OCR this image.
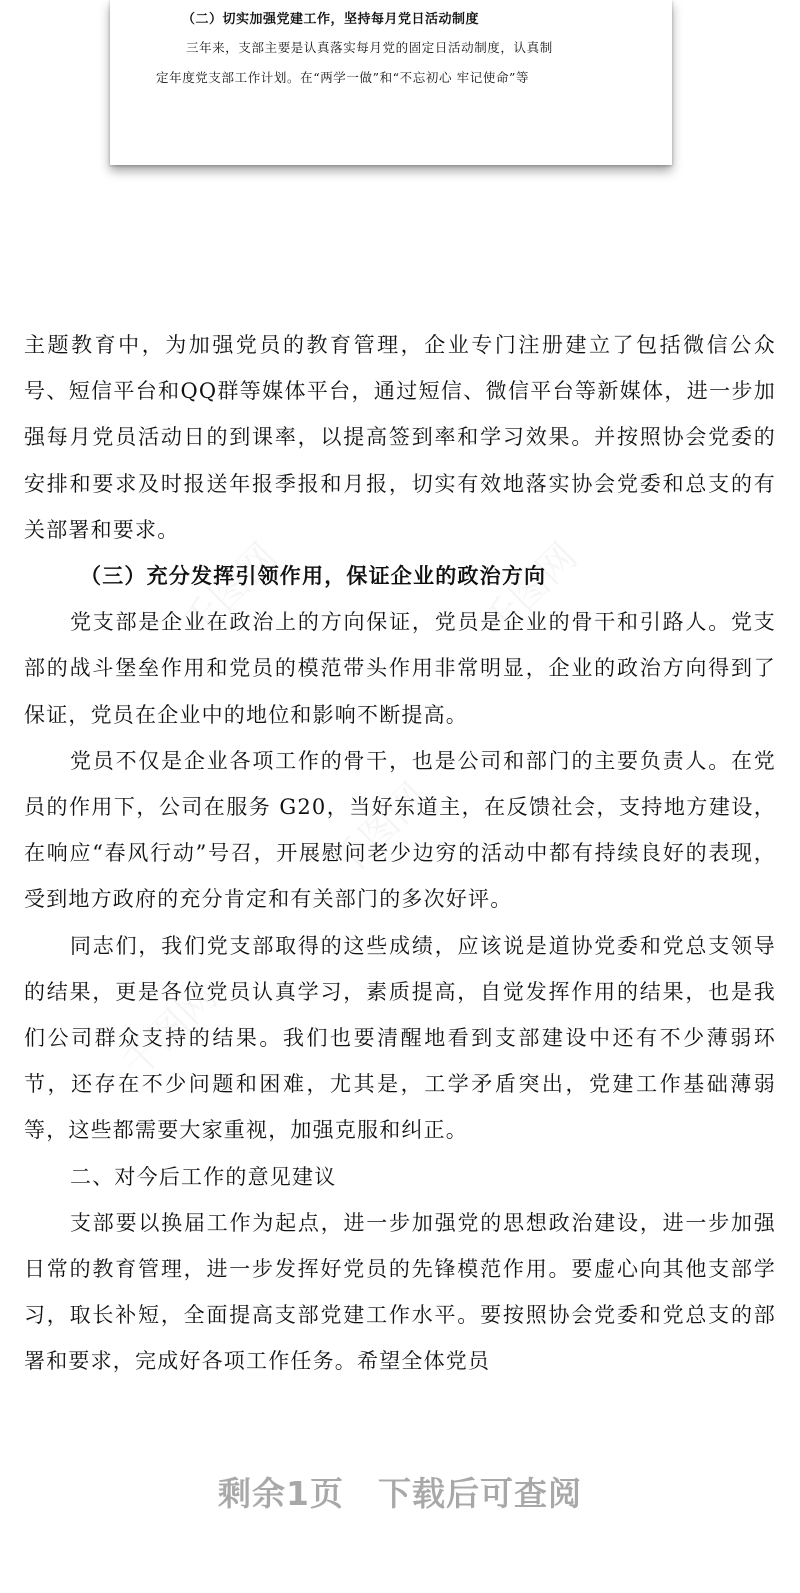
（二）切实加强党建工作，坚持每月党日活动制度
三年来，支部主要是认真落实每月党的固定日活动制度，认真制
定年度党支部工作计划。在“两学一做”和“不忘初心 牢记使命”等
千图网	千图网
千图网
千图网

主题教育中，为加强党员的教育管理，企业专门注册建立了包括微信公众号、短信平台和QQ群等媒体平台，通过短信、微信平台等新媒体，进一步加强每月党员活动日的到课率，以提高签到率和学习效果。并按照协会党委的安排和要求及时报送年报季报和月报，切实有效地落实协会党委和总支的有关部署和要求。

（三）充分发挥引领作用，保证企业的政治方向

党支部是企业在政治上的方向保证，党员是企业的骨干和引路人。党支部的战斗堡垒作用和党员的模范带头作用非常明显，企业的政治方向得到了保证，党员在企业中的地位和影响不断提高。

党员不仅是企业各项工作的骨干，也是公司和部门的主要负责人。在党员的作用下，公司在服务 G20，当好东道主，在反馈社会，支持地方建设，在响应“春风行动”号召，开展慰问老少边穷的活动中都有持续良好的表现，受到地方政府的充分肯定和有关部门的多次好评。

同志们，我们党支部取得的这些成绩，应该说是道协党委和党总支领导的结果，更是各位党员认真学习，素质提高，自觉发挥作用的结果，也是我们公司群众支持的结果。我们也要清醒地看到支部建设中还有不少薄弱环节，还存在不少问题和困难，尤其是，工学矛盾突出，党建工作基础薄弱等，这些都需要大家重视，加强克服和纠正。

二、对今后工作的意见建议

支部要以换届工作为起点，进一步加强党的思想政治建设，进一步加强日常的教育管理，进一步发挥好党员的先锋模范作用。要虚心向其他支部学习，取长补短，全面提高支部党建工作水平。要按照协会党委和党总支的部署和要求，完成好各项工作任务。希望全体党员

剩余1页 下载后可查阅
